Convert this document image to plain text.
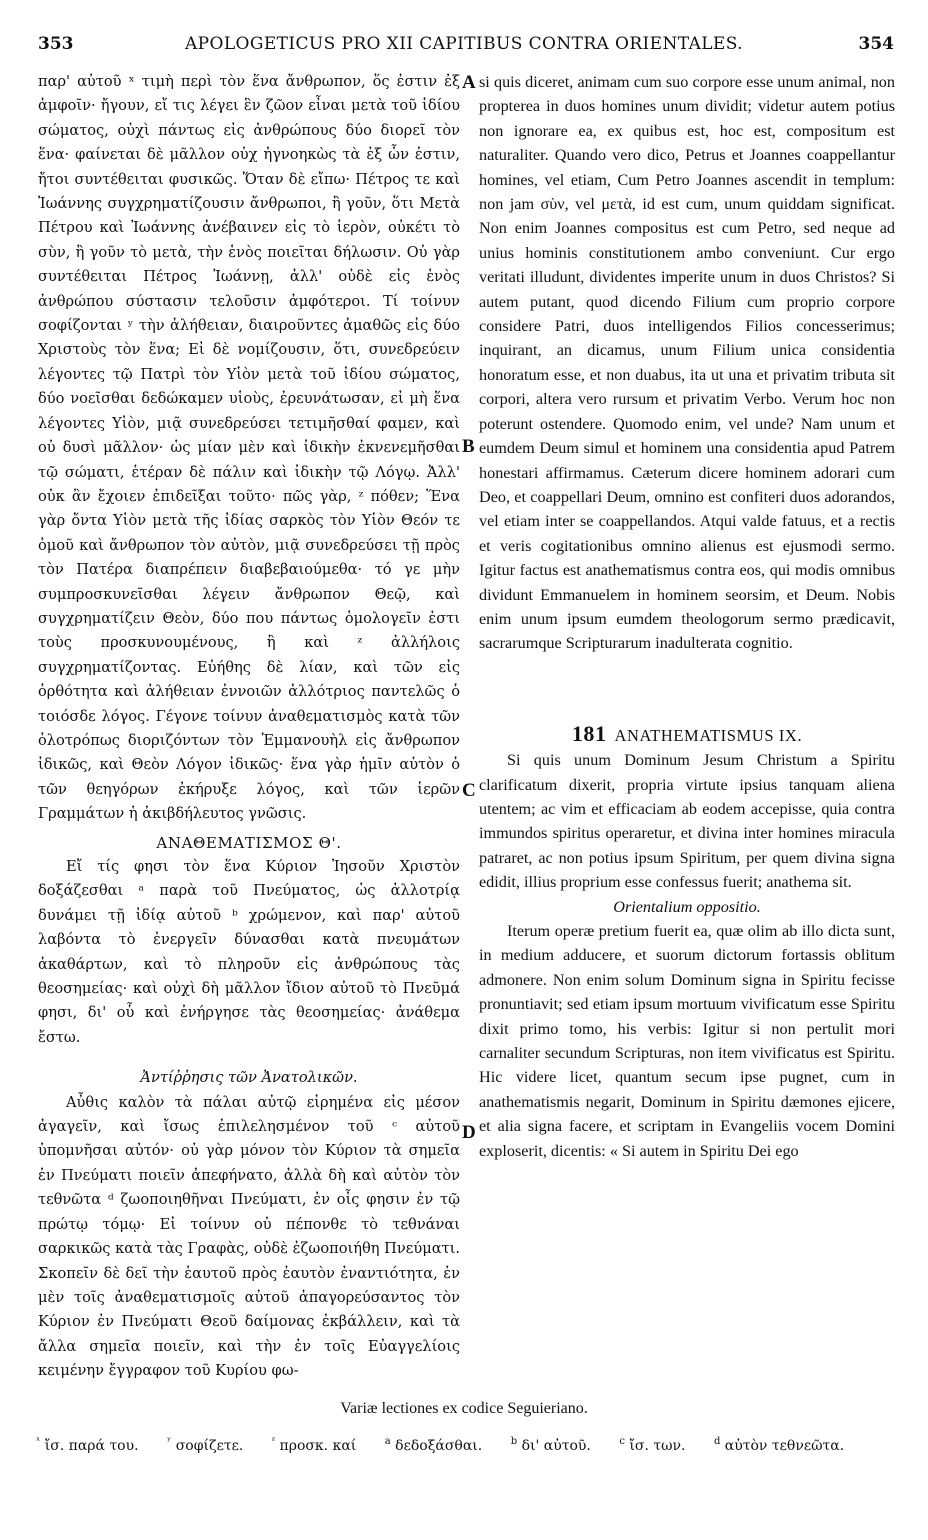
353	APOLOGETICUS PRO XII CAPITIBUS CONTRA ORIENTALES.	354

παρ' αὐτοῦ ˣ τιμὴ περὶ τὸν ἕνα ἄνθρωπον, ὅς ἐστιν ἐξ ἀμφοῖν· ἤγουν, εἴ τις λέγει ἓν ζῶον εἶναι μετὰ τοῦ ἰδίου σώματος, οὐχὶ πάντως εἰς ἀνθρώπους δύο διορεῖ τὸν ἕνα· φαίνεται δὲ μᾶλλον οὐχ ἠγνοηκὼς τὰ ἐξ ὧν ἐστιν, ἤτοι συντέθειται φυσικῶς. Ὅταν δὲ εἴπω· Πέτρος τε καὶ Ἰωάννης συγχρηματίζουσιν ἄνθρωποι, ἢ γοῦν, ὅτι Μετὰ Πέτρου καὶ Ἰωάννης ἀνέβαινεν εἰς τὸ ἱερὸν, οὐκέτι τὸ σὺν, ἢ γοῦν τὸ μετὰ, τὴν ἑνὸς ποιεῖται δήλωσιν. Οὐ γὰρ συντέθειται Πέτρος Ἰωάννῃ, ἀλλ' οὐδὲ εἰς ἑνὸς ἀνθρώπου σύστασιν τελοῦσιν ἀμφότεροι. Τί τοίνυν σοφίζονται ʸ τὴν ἀλήθειαν, διαιροῦντες ἀμαθῶς εἰς δύο Χριστοὺς τὸν ἕνα; Εἰ δὲ νομίζουσιν, ὅτι, συνεδρεύειν λέγοντες τῷ Πατρὶ τὸν Υἱὸν μετὰ τοῦ ἰδίου σώματος, δύο νοεῖσθαι δεδώκαμεν υἱοὺς, ἐρευνάτωσαν, εἰ μὴ ἕνα λέγοντες Υἱὸν, μιᾷ συνεδρεύσει τετιμῆσθαί φαμεν, καὶ οὐ δυσὶ μᾶλλον· ὡς μίαν μὲν καὶ ἰδικὴν ἐκνενεμῆσθαι τῷ σώματι, ἑτέραν δὲ πάλιν καὶ ἰδικὴν τῷ Λόγῳ. Ἀλλ' οὐκ ἂν ἔχοιεν ἐπιδεῖξαι τοῦτο· πῶς γὰρ, ᶻ πόθεν; Ἕνα γὰρ ὄντα Υἱὸν μετὰ τῆς ἰδίας σαρκὸς τὸν Υἱὸν Θεόν τε ὁμοῦ καὶ ἄνθρωπον τὸν αὐτὸν, μιᾷ συνεδρεύσει τῇ πρὸς τὸν Πατέρα διαπρέπειν διαβεβαιούμεθα· τό γε μὴν συμπροσκυνεῖσθαι λέγειν ἄνθρωπον Θεῷ, καὶ συγχρηματίζειν Θεὸν, δύο που πάντως ὁμολογεῖν ἐστι τοὺς προσκυνουμένους, ἢ καὶ ᶻ ἀλλήλοις συγχρηματίζοντας. Εὐήθης δὲ λίαν, καὶ τῶν εἰς ὀρθότητα καὶ ἀλήθειαν ἐννοιῶν ἀλλότριος παντελῶς ὁ τοιόσδε λόγος. Γέγονε τοίνυν ἀναθεματισμὸς κατὰ τῶν ὁλοτρόπως διοριζόντων τὸν Ἐμμανουὴλ εἰς ἄνθρωπον ἰδικῶς, καὶ Θεὸν Λόγον ἰδικῶς· ἕνα γὰρ ἡμῖν αὐτὸν ὁ τῶν θεηγόρων ἐκήρυξε λόγος, καὶ τῶν ἱερῶν Γραμμάτων ἡ ἀκιβδήλευτος γνῶσις.

ΑΝΑΘΕΜΑΤΙΣΜΟΣ Θ'.

Εἴ τίς φησι τὸν ἕνα Κύριον Ἰησοῦν Χριστὸν δοξάζεσθαι ᵃ παρὰ τοῦ Πνεύματος, ὡς ἀλλοτρίᾳ δυνάμει τῇ ἰδίᾳ αὐτοῦ ᵇ χρώμενον, καὶ παρ' αὐτοῦ λαβόντα τὸ ἐνεργεῖν δύνασθαι κατὰ πνευμάτων ἀκαθάρτων, καὶ τὸ πληροῦν εἰς ἀνθρώπους τὰς θεοσημείας· καὶ οὐχὶ δὴ μᾶλλον ἴδιον αὐτοῦ τὸ Πνεῦμά φησι, δι' οὗ καὶ ἐνήργησε τὰς θεοσημείας· ἀνάθεμα ἔστω.

Ἀντίῤῥησις τῶν Ἀνατολικῶν.

Αὖθις καλὸν τὰ πάλαι αὐτῷ εἰρημένα εἰς μέσον ἀγαγεῖν, καὶ ἴσως ἐπιλελησμένον τοῦ ᶜ αὐτοῦ ὑπομνῆσαι αὐτόν· οὐ γὰρ μόνον τὸν Κύριον τὰ σημεῖα ἐν Πνεύματι ποιεῖν ἀπεφήνατο, ἀλλὰ δὴ καὶ αὐτὸν τὸν τεθνῶτα ᵈ ζωοποιηθῆναι Πνεύματι, ἐν οἷς φησιν ἐν τῷ πρώτῳ τόμῳ· Εἰ τοίνυν οὐ πέπονθε τὸ τεθνάναι σαρκικῶς κατὰ τὰς Γραφὰς, οὐδὲ ἐζωοποιήθη Πνεύματι. Σκοπεῖν δὲ δεῖ τὴν ἑαυτοῦ πρὸς ἑαυτὸν ἐναντιότητα, ἐν μὲν τοῖς ἀναθεματισμοῖς αὐτοῦ ἀπαγορεύσαντος τὸν Κύριον ἐν Πνεύματι Θεοῦ δαίμονας ἐκβάλλειν, καὶ τὰ ἄλλα σημεῖα ποιεῖν, καὶ τὴν ἐν τοῖς Εὐαγγελίοις κειμένην ἔγγραφον τοῦ Κυρίου φω-

A
B
C
D

si quis diceret, animam cum suo corpore esse unum animal, non propterea in duos homines unum dividit; videtur autem potius non ignorare ea, ex quibus est, hoc est, compositum est naturaliter. Quando vero dico, Petrus et Joannes coappellantur homines, vel etiam, Cum Petro Joannes ascendit in templum: non jam σὺν, vel μετὰ, id est cum, unum quiddam significat. Non enim Joannes compositus est cum Petro, sed neque ad unius hominis constitutionem ambo conveniunt. Cur ergo veritati illudunt, dividentes imperite unum in duos Christos? Si autem putant, quod dicendo Filium cum proprio corpore considere Patri, duos intelligendos Filios concesserimus; inquirant, an dicamus, unum Filium unica considentia honoratum esse, et non duabus, ita ut una et privatim tributa sit corpori, altera vero rursum et privatim Verbo. Verum hoc non poterunt ostendere. Quomodo enim, vel unde? Nam unum et eumdem Deum simul et hominem una considentia apud Patrem honestari affirmamus. Cæterum dicere hominem adorari cum Deo, et coappellari Deum, omnino est confiteri duos adorandos, vel etiam inter se coappellandos. Atqui valde fatuus, et a rectis et veris cogitationibus omnino alienus est ejusmodi sermo. Igitur factus est anathematismus contra eos, qui modis omnibus dividunt Emmanuelem in hominem seorsim, et Deum. Nobis enim unum ipsum eumdem theologorum sermo prædicavit, sacrarumque Scripturarum inadulterata cognitio.

181 ANATHEMATISMUS IX.

Si quis unum Dominum Jesum Christum a Spiritu clarificatum dixerit, propria virtute ipsius tanquam aliena utentem; ac vim et efficaciam ab eodem accepisse, quia contra immundos spiritus operaretur, et divina inter homines miracula patraret, ac non potius ipsum Spiritum, per quem divina signa edidit, illius proprium esse confessus fuerit; anathema sit.

Orientalium oppositio.

Iterum operæ pretium fuerit ea, quæ olim ab illo dicta sunt, in medium adducere, et suorum dictorum fortassis oblitum admonere. Non enim solum Dominum signa in Spiritu fecisse pronuntiavit; sed etiam ipsum mortuum vivificatum esse Spiritu dixit primo tomo, his verbis: Igitur si non pertulit mori carnaliter secundum Scripturas, non item vivificatus est Spiritu. Hic videre licet, quantum secum ipse pugnet, cum in anathematismis negarit, Dominum in Spiritu dæmones ejicere, et alia signa facere, et scriptam in Evangeliis vocem Domini exploserit, dicentis: « Si autem in Spiritu Dei ego

Variæ lectiones ex codice Seguieriano.
$^ˣ$ ἴσ. παρά του.	$^ʸ$ σοφίζετε.	$^ᶻ$ προσκ. καί	$^a$ δεδοξάσθαι.	$^b$ δι' αὐτοῦ.	$^c$ ἴσ. των.	$^d$ αὐτὸν τεθνεῶτα.
